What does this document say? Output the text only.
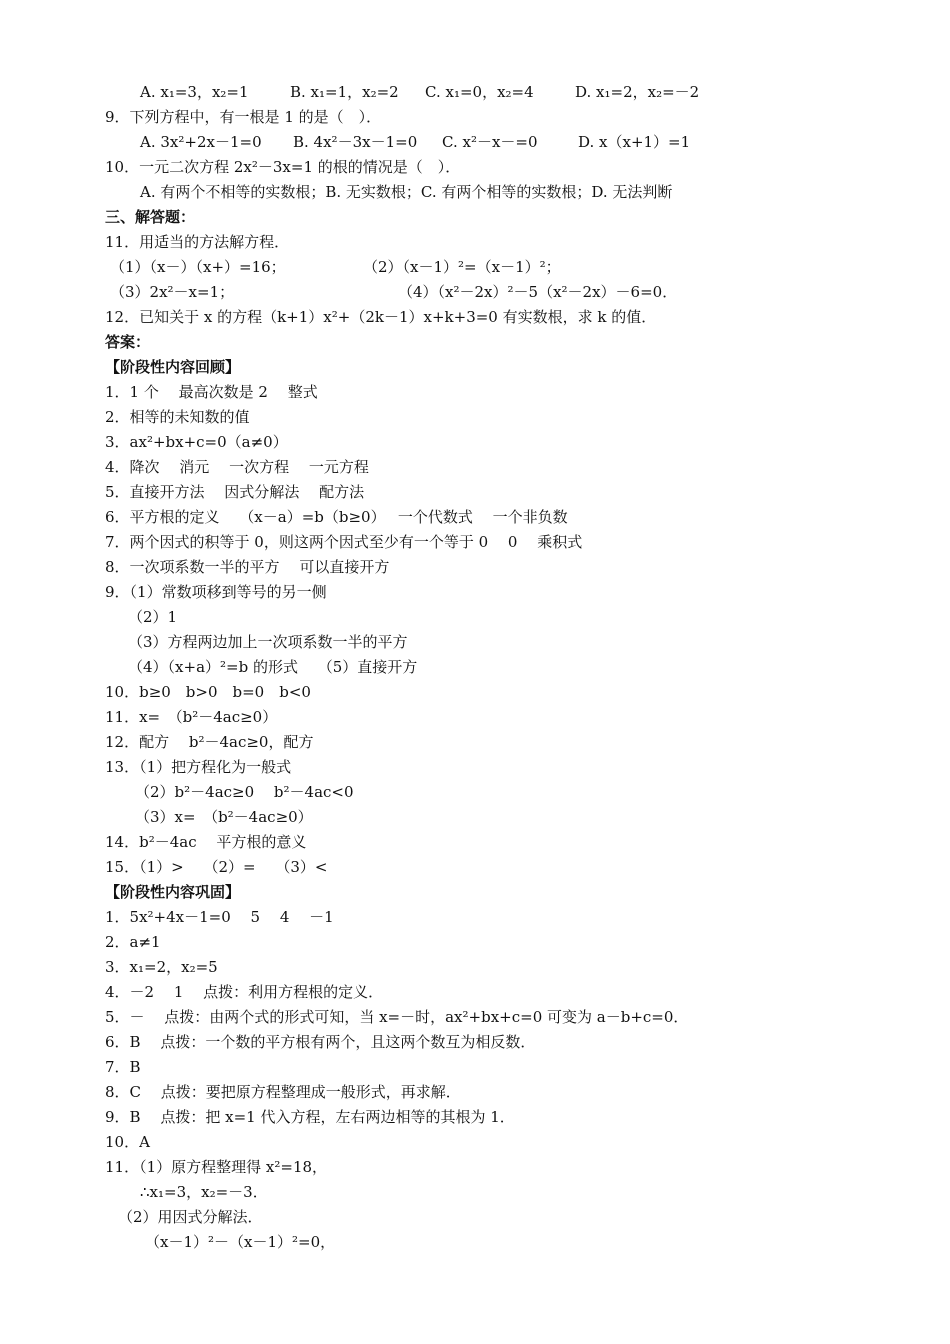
A. x₁=3，x₂=1	B. x₁=1，x₂=2 C. x₁=0，x₂=4	D. x₁=2，x₂=－2
9．下列方程中，有一根是 1 的是（　）．
A. 3x²+2x－1=0 B. 4x²－3x－1=0 C. x²－x－=0	D. x（x+1）=1
10．一元二次方程 2x²－3x=1 的根的情况是（　）．
A. 有两个不相等的实数根；B. 无实数根；C. 有两个相等的实数根；D. 无法判断
三、解答题：
11．用适当的方法解方程．
（1）（x－）（x+）=16；	（2）（x－1）²=（x－1）²；
（3）2x²－x=1；	（4）（x²－2x）²－5（x²－2x）－6=0．
12．已知关于 x 的方程（k+1）x²+（2k－1）x+k+3=0 有实数根，求 k 的值．
答案：
【阶段性内容回顾】
1．1 个　 最高次数是 2　 整式
2．相等的未知数的值
3．ax²+bx+c=0（a≠0）
4．降次　 消元　 一次方程　 一元方程
5．直接开方法　 因式分解法　 配方法
6．平方根的定义　 （x－a）=b（b≥0）　 一个代数式　 一个非负数
7．两个因式的积等于 0，则这两个因式至少有一个等于 0　 0　 乘积式
8．一次项系数一半的平方　 可以直接开方
9．（1）常数项移到等号的另一侧
（2）1
（3）方程两边加上一次项系数一半的平方
（4）（x+a）²=b 的形式　 （5）直接开方
10．b≥0　b>0　b=0　b<0
11．x=　（b²－4ac≥0）
12．配方　 b²－4ac≥0，配方
13．（1）把方程化为一般式
（2）b²－4ac≥0　 b²－4ac<0
（3）x=　（b²－4ac≥0）
14．b²－4ac　 平方根的意义
15．（1）>　 （2）=　 （3）<
【阶段性内容巩固】
1．5x²+4x－1=0　 5　 4　 －1
2．a≠1
3．x₁=2，x₂=5
4．－2　 1　 点拨：利用方程根的定义．
5．－　 点拨：由两个式的形式可知，当 x=－时，ax²+bx+c=0 可变为 a－b+c=0．
6．B　 点拨：一个数的平方根有两个，且这两个数互为相反数．
7．B
8．C　 点拨：要把原方程整理成一般形式，再求解．
9．B　 点拨：把 x=1 代入方程，左右两边相等的其根为 1．
10．A
11．（1）原方程整理得 x²=18，
∴x₁=3，x₂=－3．
（2）用因式分解法．
（x－1）²－（x－1）²=0，
